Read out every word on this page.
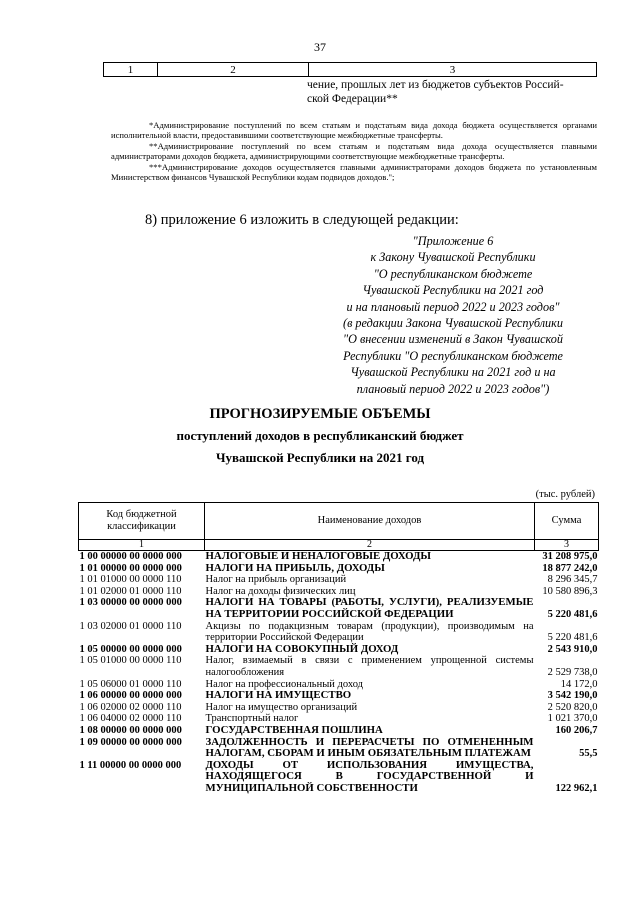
37
1	2	3
чение, прошлых лет из бюджетов субъектов Россий-
ской Федерации**

*Администрирование поступлений по всем статьям и подстатьям вида дохода бюджета осуществляется органами исполнительной власти, предоставившими соответствующие межбюджетные трансферты.

**Администрирование поступлений по всем статьям и подстатьям вида дохода осуществляется главными администраторами доходов бюджета, администрирующими соответствующие межбюджетные трансферты.

***Администрирование доходов осуществляется главными администраторами доходов бюджета по установленным Министерством финансов Чувашской Республики кодам подвидов доходов.";

8) приложение 6 изложить в следующей редакции:
"Приложение 6
к Закону Чувашской Республики
"О республиканском бюджете
Чувашской Республики на 2021 год
и на плановый период 2022 и 2023 годов"
(в редакции Закона Чувашской Республики
"О внесении изменений в Закон Чувашской
Республики "О республиканском бюджете
Чувашской Республики на 2021 год и на
плановый период 2022 и 2023 годов")
ПРОГНОЗИРУЕМЫЕ ОБЪЕМЫ
поступлений доходов в республиканский бюджет
Чувашской Республики на 2021 год
(тыс. рублей)
Код бюджетной классификации	Наименование доходов	Сумма
1	2	3
1 00 00000 00 0000 000	НАЛОГОВЫЕ И НЕНАЛОГОВЫЕ ДОХОДЫ	31 208 975,0
1 01 00000 00 0000 000	НАЛОГИ НА ПРИБЫЛЬ, ДОХОДЫ	18 877 242,0
1 01 01000 00 0000 110	Налог на прибыль организаций	8 296 345,7
1 01 02000 01 0000 110	Налог на доходы физических лиц	10 580 896,3
1 03 00000 00 0000 000	НАЛОГИ НА ТОВАРЫ (РАБОТЫ, УСЛУГИ), РЕАЛИЗУЕМЫЕ НА ТЕРРИТОРИИ РОССИЙСКОЙ ФЕДЕРАЦИИ	5 220 481,6
1 03 02000 01 0000 110	Акцизы по подакцизным товарам (продукции), производимым на территории Российской Федерации	5 220 481,6
1 05 00000 00 0000 000	НАЛОГИ НА СОВОКУПНЫЙ ДОХОД	2 543 910,0
1 05 01000 00 0000 110	Налог, взимаемый в связи с применением упрощенной системы налогообложения	2 529 738,0
1 05 06000 01 0000 110	Налог на профессиональный доход	14 172,0
1 06 00000 00 0000 000	НАЛОГИ НА ИМУЩЕСТВО	3 542 190,0
1 06 02000 02 0000 110	Налог на имущество организаций	2 520 820,0
1 06 04000 02 0000 110	Транспортный налог	1 021 370,0
1 08 00000 00 0000 000	ГОСУДАРСТВЕННАЯ ПОШЛИНА	160 206,7
1 09 00000 00 0000 000	ЗАДОЛЖЕННОСТЬ И ПЕРЕРАСЧЕТЫ ПО ОТМЕНЕННЫМ НАЛОГАМ, СБОРАМ И ИНЫМ ОБЯЗАТЕЛЬНЫМ ПЛАТЕЖАМ	55,5
1 11 00000 00 0000 000	ДОХОДЫ ОТ ИСПОЛЬЗОВАНИЯ ИМУЩЕСТВА, НАХОДЯЩЕГОСЯ В ГОСУДАРСТВЕННОЙ И МУНИЦИПАЛЬНОЙ СОБСТВЕННОСТИ	122 962,1
